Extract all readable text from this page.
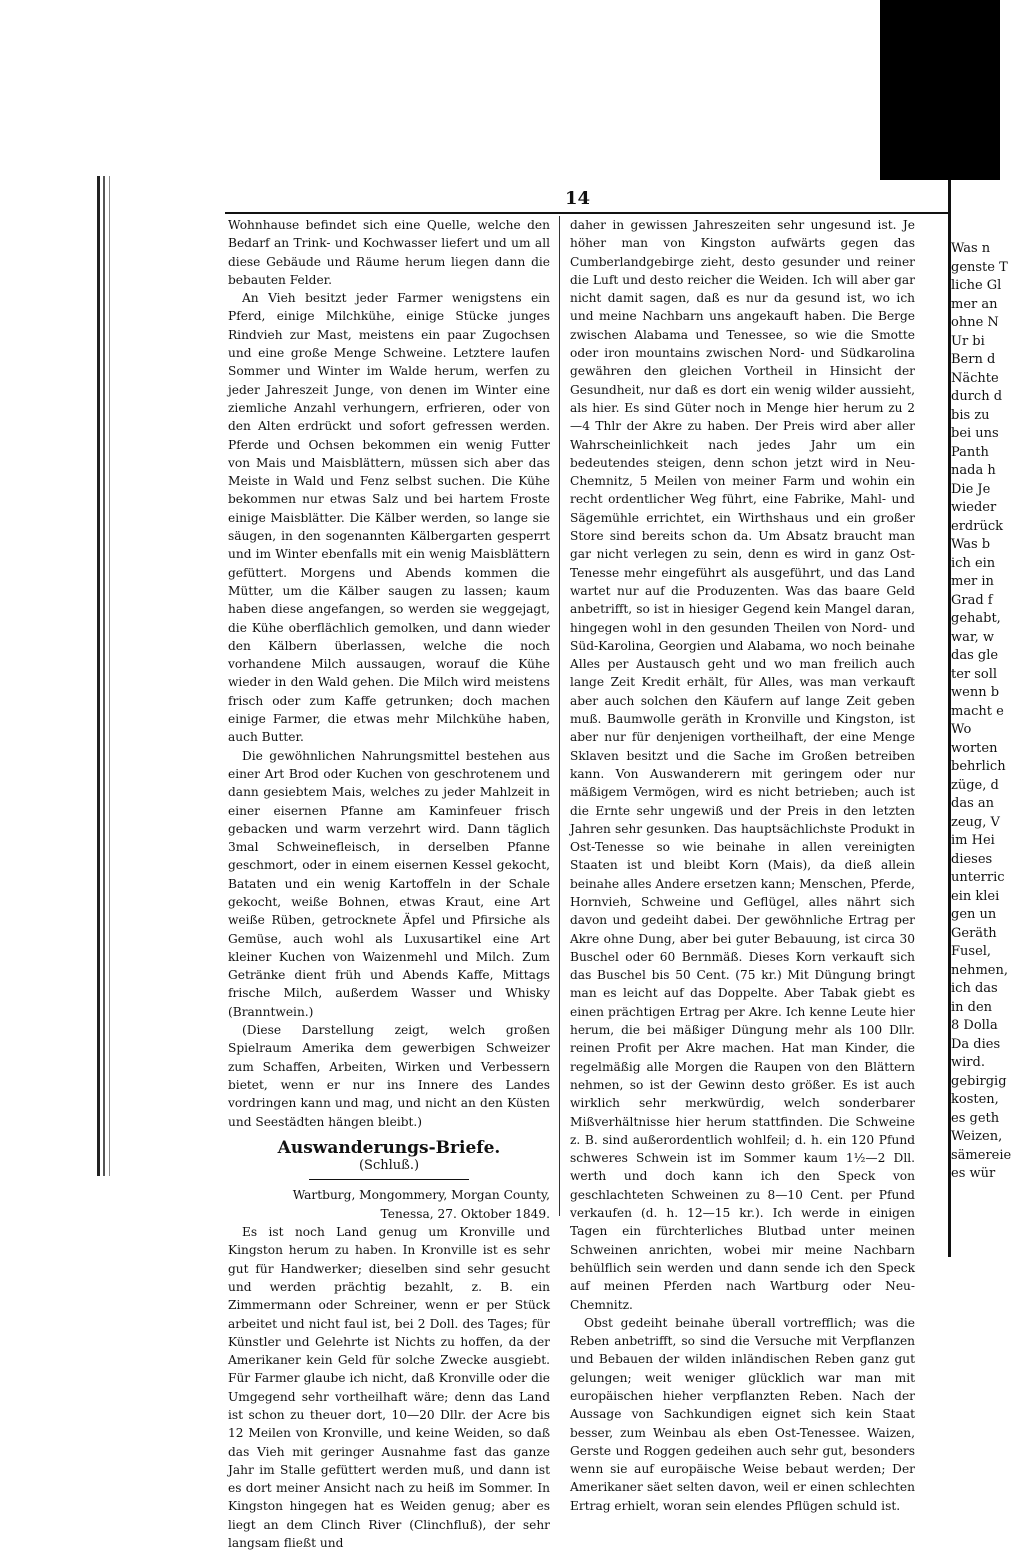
14

Wohnhause befindet sich eine Quelle, welche den Bedarf an Trink- und Kochwasser liefert und um all diese Gebäude und Räume herum liegen dann die bebauten Felder.

An Vieh besitzt jeder Farmer wenigstens ein Pferd, einige Milchkühe, einige Stücke junges Rindvieh zur Mast, meistens ein paar Zugochsen und eine große Menge Schweine. Letztere laufen Sommer und Winter im Walde herum, werfen zu jeder Jahreszeit Junge, von denen im Winter eine ziemliche Anzahl verhungern, erfrieren, oder von den Alten erdrückt und sofort gefressen werden. Pferde und Ochsen bekommen ein wenig Futter von Mais und Maisblättern, müssen sich aber das Meiste in Wald und Fenz selbst suchen. Die Kühe bekommen nur etwas Salz und bei hartem Froste einige Maisblätter. Die Kälber werden, so lange sie säugen, in den sogenannten Kälbergarten gesperrt und im Winter ebenfalls mit ein wenig Maisblättern gefüttert. Morgens und Abends kommen die Mütter, um die Kälber saugen zu lassen; kaum haben diese angefangen, so werden sie weggejagt, die Kühe oberflächlich gemolken, und dann wieder den Kälbern überlassen, welche die noch vorhandene Milch aussaugen, worauf die Kühe wieder in den Wald gehen. Die Milch wird meistens frisch oder zum Kaffe getrunken; doch machen einige Farmer, die etwas mehr Milchkühe haben, auch Butter.

Die gewöhnlichen Nahrungsmittel bestehen aus einer Art Brod oder Kuchen von geschrotenem und dann gesiebtem Mais, welches zu jeder Mahlzeit in einer eisernen Pfanne am Kaminfeuer frisch gebacken und warm verzehrt wird. Dann täglich 3mal Schweinefleisch, in derselben Pfanne geschmort, oder in einem eisernen Kessel gekocht, Bataten und ein wenig Kartoffeln in der Schale gekocht, weiße Bohnen, etwas Kraut, eine Art weiße Rüben, getrocknete Äpfel und Pfirsiche als Gemüse, auch wohl als Luxusartikel eine Art kleiner Kuchen von Waizenmehl und Milch. Zum Getränke dient früh und Abends Kaffe, Mittags frische Milch, außerdem Wasser und Whisky (Branntwein.)

(Diese Darstellung zeigt, welch großen Spielraum Amerika dem gewerbigen Schweizer zum Schaffen, Arbeiten, Wirken und Verbessern bietet, wenn er nur ins Innere des Landes vordringen kann und mag, und nicht an den Küsten und Seestädten hängen bleibt.)

Auswanderungs-Briefe.
(Schluß.)

Wartburg, Mongommery, Morgan County, Tenessa, 27. Oktober 1849.

Es ist noch Land genug um Kronville und Kingston herum zu haben. In Kronville ist es sehr gut für Handwerker; dieselben sind sehr gesucht und werden prächtig bezahlt, z. B. ein Zimmermann oder Schreiner, wenn er per Stück arbeitet und nicht faul ist, bei 2 Doll. des Tages; für Künstler und Gelehrte ist Nichts zu hoffen, da der Amerikaner kein Geld für solche Zwecke ausgiebt. Für Farmer glaube ich nicht, daß Kronville oder die Umgegend sehr vortheilhaft wäre; denn das Land ist schon zu theuer dort, 10—20 Dllr. der Acre bis 12 Meilen von Kronville, und keine Weiden, so daß das Vieh mit geringer Ausnahme fast das ganze Jahr im Stalle gefüttert werden muß, und dann ist es dort meiner Ansicht nach zu heiß im Sommer. In Kingston hingegen hat es Weiden genug; aber es liegt an dem Clinch River (Clinchfluß), der sehr langsam fließt und

daher in gewissen Jahreszeiten sehr ungesund ist. Je höher man von Kingston aufwärts gegen das Cumberlandgebirge zieht, desto gesunder und reiner die Luft und desto reicher die Weiden. Ich will aber gar nicht damit sagen, daß es nur da gesund ist, wo ich und meine Nachbarn uns angekauft haben. Die Berge zwischen Alabama und Tenessee, so wie die Smotte oder iron mountains zwischen Nord- und Südkarolina gewähren den gleichen Vortheil in Hinsicht der Gesundheit, nur daß es dort ein wenig wilder aussieht, als hier. Es sind Güter noch in Menge hier herum zu 2—4 Thlr der Akre zu haben. Der Preis wird aber aller Wahrscheinlichkeit nach jedes Jahr um ein bedeutendes steigen, denn schon jetzt wird in Neu-Chemnitz, 5 Meilen von meiner Farm und wohin ein recht ordentlicher Weg führt, eine Fabrike, Mahl- und Sägemühle errichtet, ein Wirthshaus und ein großer Store sind bereits schon da. Um Absatz braucht man gar nicht verlegen zu sein, denn es wird in ganz Ost-Tenesse mehr eingeführt als ausgeführt, und das Land wartet nur auf die Produzenten. Was das baare Geld anbetrifft, so ist in hiesiger Gegend kein Mangel daran, hingegen wohl in den gesunden Theilen von Nord- und Süd-Karolina, Georgien und Alabama, wo noch beinahe Alles per Austausch geht und wo man freilich auch lange Zeit Kredit erhält, für Alles, was man verkauft aber auch solchen den Käufern auf lange Zeit geben muß. Baumwolle geräth in Kronville und Kingston, ist aber nur für denjenigen vortheilhaft, der eine Menge Sklaven besitzt und die Sache im Großen betreiben kann. Von Auswanderern mit geringem oder nur mäßigem Vermögen, wird es nicht betrieben; auch ist die Ernte sehr ungewiß und der Preis in den letzten Jahren sehr gesunken. Das hauptsächlichste Produkt in Ost-Tenesse so wie beinahe in allen vereinigten Staaten ist und bleibt Korn (Mais), da dieß allein beinahe alles Andere ersetzen kann; Menschen, Pferde, Hornvieh, Schweine und Geflügel, alles nährt sich davon und gedeiht dabei. Der gewöhnliche Ertrag per Akre ohne Dung, aber bei guter Bebauung, ist circa 30 Buschel oder 60 Bernmäß. Dieses Korn verkauft sich das Buschel bis 50 Cent. (75 kr.) Mit Düngung bringt man es leicht auf das Doppelte. Aber Tabak giebt es einen prächtigen Ertrag per Akre. Ich kenne Leute hier herum, die bei mäßiger Düngung mehr als 100 Dllr. reinen Profit per Akre machen. Hat man Kinder, die regelmäßig alle Morgen die Raupen von den Blättern nehmen, so ist der Gewinn desto größer. Es ist auch wirklich sehr merkwürdig, welch sonderbarer Mißverhältnisse hier herum stattfinden. Die Schweine z. B. sind außerordentlich wohlfeil; d. h. ein 120 Pfund schweres Schwein ist im Sommer kaum 1½—2 Dll. werth und doch kann ich den Speck von geschlachteten Schweinen zu 8—10 Cent. per Pfund verkaufen (d. h. 12—15 kr.). Ich werde in einigen Tagen ein fürchterliches Blutbad unter meinen Schweinen anrichten, wobei mir meine Nachbarn behülflich sein werden und dann sende ich den Speck auf meinen Pferden nach Wartburg oder Neu-Chemnitz.

Obst gedeiht beinahe überall vortrefflich; was die Reben anbetrifft, so sind die Versuche mit Verpflanzen und Bebauen der wilden inländischen Reben ganz gut gelungen; weit weniger glücklich war man mit europäischen hieher verpflanzten Reben. Nach der Aussage von Sachkundigen eignet sich kein Staat besser, zum Weinbau als eben Ost-Tenessee. Waizen, Gerste und Roggen gedeihen auch sehr gut, besonders wenn sie auf europäische Weise bebaut werden; Der Amerikaner säet selten davon, weil er einen schlechten Ertrag erhielt, woran sein elendes Pflügen schuld ist.

Was n
genste T
liche Gl
mer an
ohne N
Ur bi
Bern d
Nächte
durch d
bis zu
bei uns
Panth
nada h
Die Je
wieder
erdrück
Was b
ich ein
mer in
Grad f
gehabt,
war, w
das gle
ter soll
wenn b
macht e
Wo
worten
behrlich
züge, d
das an
zeug, V
im Hei
dieses
unterric
ein klei
gen un
Geräth
Fusel,
nehmen,
ich das
in den
8 Dolla
Da dies
wird.
gebirgig
kosten,
es geth
Weizen,
sämereie
es wür
